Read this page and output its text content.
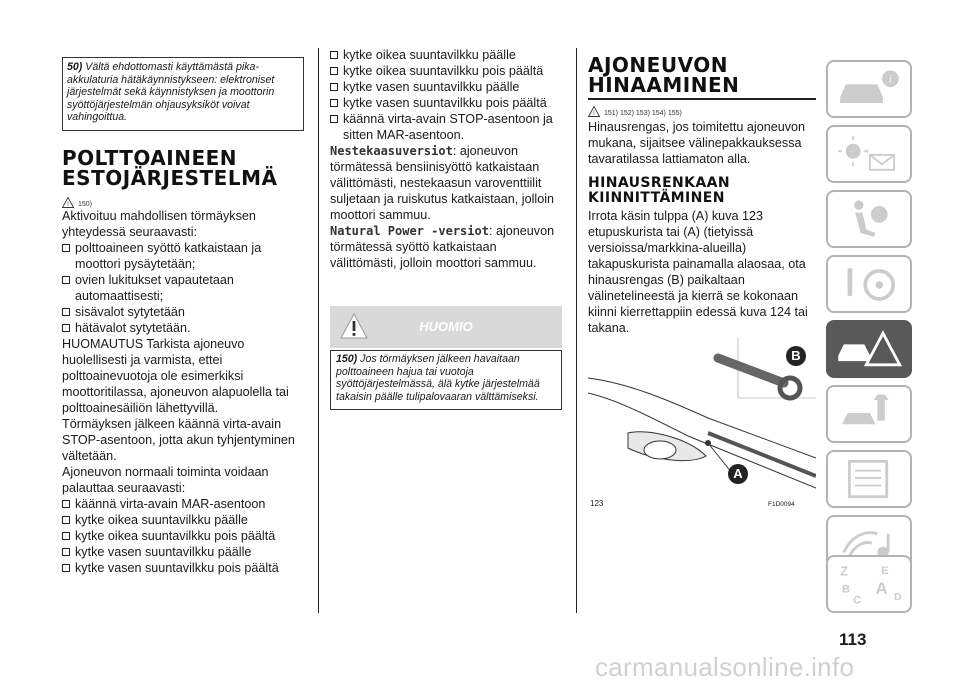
50) Vältä ehdottomasti käyttämästä pika-akkulaturia hätäkäynnistykseen: elektroniset järjestelmät sekä käynnistyksen ja moottorin syöttöjärjestelmän ohjausyksiköt voivat vahingoittua.

POLTTOAINEEN
ESTOJÄRJESTELMÄ
! 150)

Aktivoituu mahdollisen törmäyksen yhteydessä seuraavasti:

polttoaineen syöttö katkaistaan ja moottori pysäytetään;
ovien lukitukset vapautetaan automaattisesti;
sisävalot sytytetään
hätävalot sytytetään.

HUOMAUTUS Tarkista ajoneuvo huolellisesti ja varmista, ettei polttoainevuotoja ole esimerkiksi moottoritilassa, ajoneuvon alapuolella tai polttoainesäiliön lähettyvillä.

Törmäyksen jälkeen käännä virta-avain STOP-asentoon, jotta akun tyhjentyminen vältetään.

Ajoneuvon normaali toiminta voidaan palauttaa seuraavasti:

käännä virta-avain MAR-asentoon
kytke oikea suuntavilkku päälle
kytke oikea suuntavilkku pois päältä
kytke vasen suuntavilkku päälle
kytke vasen suuntavilkku pois päältä
kytke oikea suuntavilkku päälle
kytke oikea suuntavilkku pois päältä
kytke vasen suuntavilkku päälle
kytke vasen suuntavilkku pois päältä
käännä virta-avain STOP-asentoon ja sitten MAR-asentoon.

Nestekaasuversiot: ajoneuvon törmätessä bensiinisyöttö katkaistaan välittömästi, nestekaasun varoventtiilit suljetaan ja ruiskutus katkaistaan, jolloin moottori sammuu.

Natural Power -versiot: ajoneuvon törmätessä syöttö katkaistaan välittömästi, jolloin moottori sammuu.

HUOMIO

150) Jos törmäyksen jälkeen havaitaan polttoaineen hajua tai vuotoja syöttöjärjestelmässä, älä kytke järjestelmää takaisin päälle tulipalovaaran välttämiseksi.

AJONEUVON
HINAAMINEN
! 151) 152) 153) 154) 155)

Hinausrengas, jos toimitettu ajoneuvon mukana, sijaitsee välinepakkauksessa tavaratilassa lattiamaton alla.

HINAUSRENKAAN
KIINNITTÄMINEN

Irrota käsin tulppa (A) kuva 123 etupuskurista tai (A) (tietyissä versioissa/markkina-alueilla) takapuskurista painamalla alaosaa, ota hinausrengas (B) paikaltaan välinetelineestä ja kierrä se kokonaan kiinni kierrettappiin edessä kuva 124 tai takana.

B
A
123	F1D0094
i
Z	E
B A
C	D
113
carmanualsonline.info
